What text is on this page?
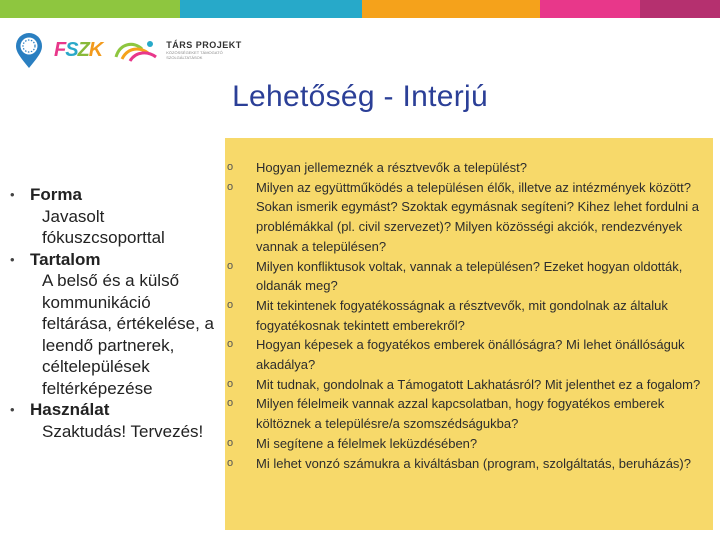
FSZK	TÁRS PROJEKT
KÖZÖSSÉGEKET TÁMOGATÓ SZOLGÁLTATÁSOK
Lehetőség - Interjú
• Forma
Javasolt fókuszcsoporttal
• Tartalom
A belső és a külső kommunikáció feltárása, értékelése, a leendő partnerek, céltelepülések feltérképezése
• Használat
Szaktudás! Tervezés!
o Hogyan jellemeznék a résztvevők a települést?
o Milyen az együttműködés a településen élők, illetve az intézmények között? Sokan ismerik egymást? Szoktak egymásnak segíteni? Kihez lehet fordulni a problémákkal (pl. civil szervezet)? Milyen közösségi akciók, rendezvények vannak a településen?
o Milyen konfliktusok voltak, vannak a településen? Ezeket hogyan oldották, oldanák meg?
o Mit tekintenek fogyatékosságnak a résztvevők, mit gondolnak az általuk fogyatékosnak tekintett emberekről?
o Hogyan képesek a fogyatékos emberek önállóságra? Mi lehet önállóságuk akadálya?
o Mit tudnak, gondolnak a Támogatott Lakhatásról? Mit jelenthet ez a fogalom?
o Milyen félelmeik vannak azzal kapcsolatban, hogy fogyatékos emberek költöznek a településre/a szomszédságukba?
o Mi segítene a félelmek leküzdésében?
o Mi lehet vonzó számukra a kiváltásban (program, szolgáltatás, beruházás)?
